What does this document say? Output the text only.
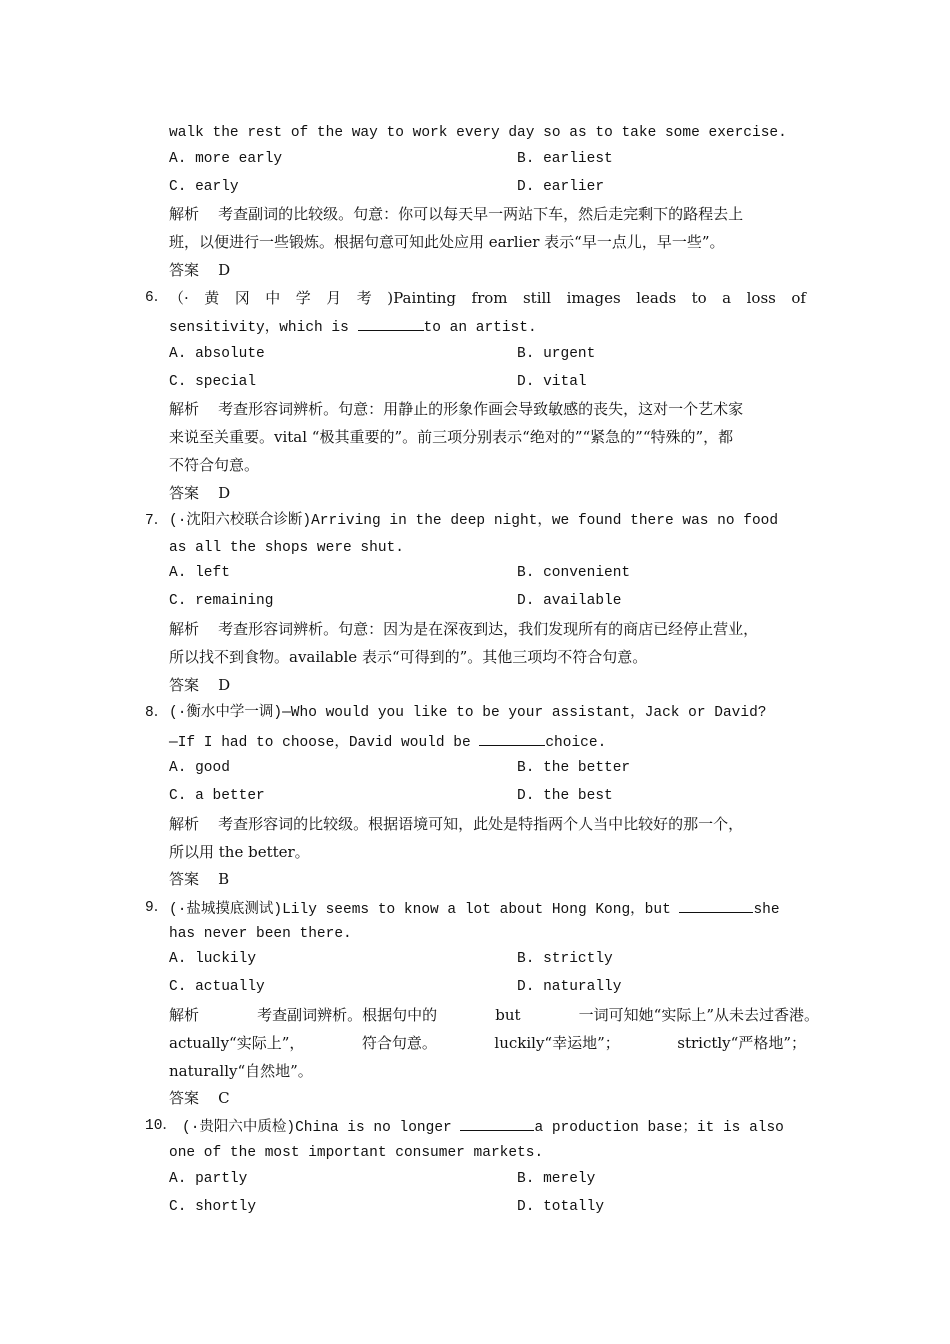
walk the rest of the way to work every day so as to take some exercise.
A. more early	B. earliest
C. early	D. earlier
解析    考查副词的比较级。句意：你可以每天早一两站下车，然后走完剩下的路程去上
班，以便进行一些锻炼。根据句意可知此处应用 earlier 表示“早一点儿，早一些”。
答案    D
6． （· 黄 冈 中 学 月 考 )Painting from still images leads to a loss of
sensitivity，which is	to an artist.
A. absolute	B. urgent
C. special	D. vital
解析    考查形容词辨析。句意：用静止的形象作画会导致敏感的丧失，这对一个艺术家
来说至关重要。vital “极其重要的”。前三项分别表示“绝对的”“紧急的”“特殊的”，都
不符合句意。
答案    D
7． (·沈阳六校联合诊断)Arriving in the deep night，we found there was no food
as all the shops were shut.
A. left	B. convenient
C. remaining	D. available
解析    考查形容词辨析。句意：因为是在深夜到达，我们发现所有的商店已经停止营业，
所以找不到食物。available 表示“可得到的”。其他三项均不符合句意。
答案    D
8． (·衡水中学一调)—Who would you like to be your assistant，Jack or David?
—If I had to choose，David would be	choice.
A. good	B. the better
C. a better	D. the best
解析    考查形容词的比较级。根据语境可知，此处是特指两个人当中比较好的那一个，
所以用 the better。
答案    B
9． (·盐城摸底测试)Lily seems to know a lot about Hong Kong，but	she
has never been there.
A. luckily	B. strictly
C. actually	D. naturally
解析	考查副词辨析。根据句中的	but	一词可知她“实际上”从未去过香港。
actually“实际上”，	符合句意。	luckily“幸运地”；	strictly“严格地”；
naturally“自然地”。
答案    C
10． (·贵阳六中质检)China is no longer	a production base；it is also
one of the most important consumer markets.
A. partly	B. merely
C. shortly	D. totally
